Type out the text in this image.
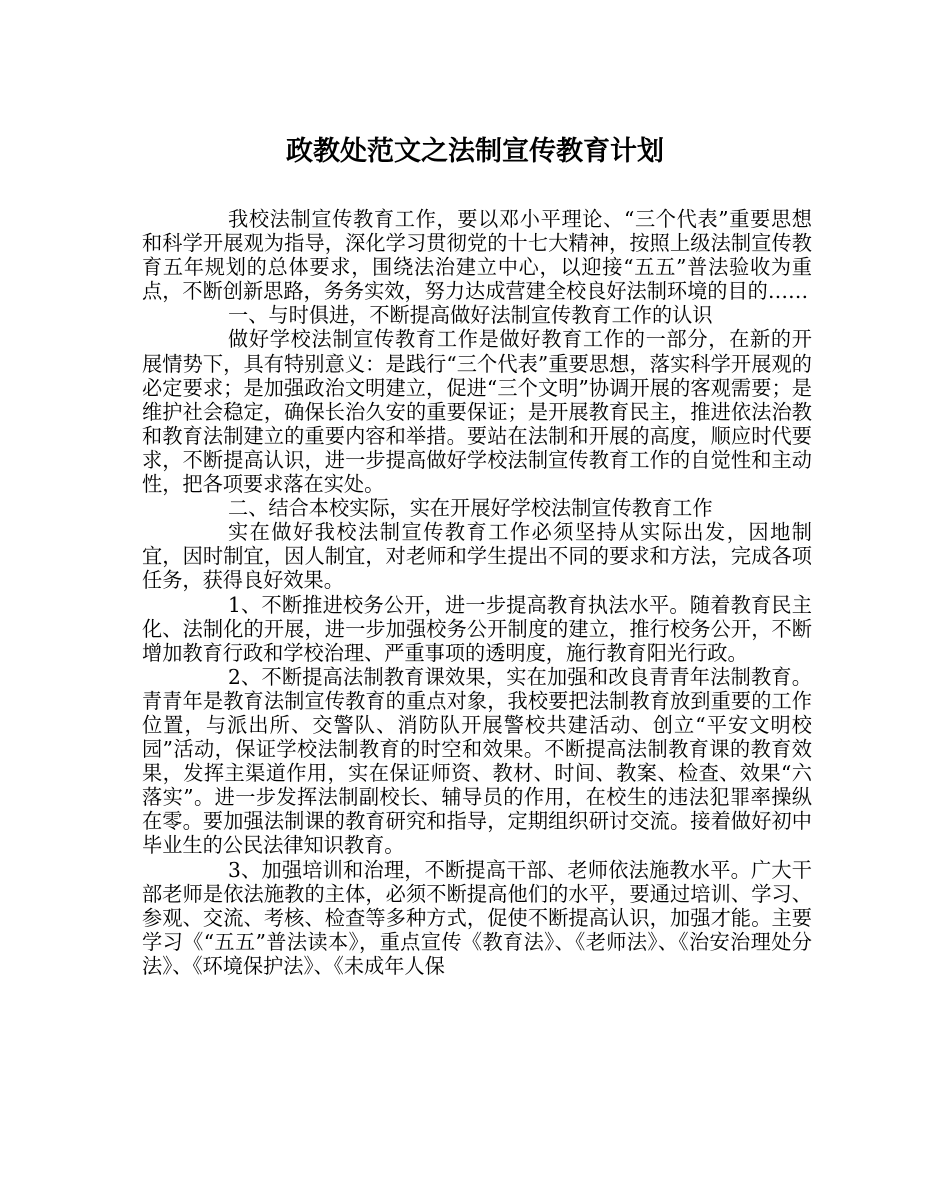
政教处范文之法制宣传教育计划

我校法制宣传教育工作，要以邓小平理论、“三个代表”重要思想和科学开展观为指导，深化学习贯彻党的十七大精神，按照上级法制宣传教育五年规划的总体要求，围绕法治建立中心，以迎接“五五”普法验收为重点，不断创新思路，务务实效，努力达成营建全校良好法制环境的目的……

一、与时俱进，不断提高做好法制宣传教育工作的认识

做好学校法制宣传教育工作是做好教育工作的一部分，在新的开展情势下，具有特别意义：是践行“三个代表”重要思想，落实科学开展观的必定要求；是加强政治文明建立，促进“三个文明”协调开展的客观需要；是维护社会稳定，确保长治久安的重要保证；是开展教育民主，推进依法治教和教育法制建立的重要内容和举措。要站在法制和开展的高度，顺应时代要求，不断提高认识，进一步提高做好学校法制宣传教育工作的自觉性和主动性，把各项要求落在实处。

二、结合本校实际，实在开展好学校法制宣传教育工作

实在做好我校法制宣传教育工作必须坚持从实际出发，因地制宜，因时制宜，因人制宜，对老师和学生提出不同的要求和方法，完成各项任务，获得良好效果。

1、不断推进校务公开，进一步提高教育执法水平。随着教育民主化、法制化的开展，进一步加强校务公开制度的建立，推行校务公开，不断增加教育行政和学校治理、严重事项的透明度，施行教育阳光行政。

2、不断提高法制教育课效果，实在加强和改良青青年法制教育。青青年是教育法制宣传教育的重点对象，我校要把法制教育放到重要的工作位置，与派出所、交警队、消防队开展警校共建活动、创立“平安文明校园”活动，保证学校法制教育的时空和效果。不断提高法制教育课的教育效果，发挥主渠道作用，实在保证师资、教材、时间、教案、检查、效果“六落实”。进一步发挥法制副校长、辅导员的作用，在校生的违法犯罪率操纵在零。要加强法制课的教育研究和指导，定期组织研讨交流。接着做好初中毕业生的公民法律知识教育。

3、加强培训和治理，不断提高干部、老师依法施教水平。广大干部老师是依法施教的主体，必须不断提高他们的水平，要通过培训、学习、参观、交流、考核、检查等多种方式，促使不断提高认识，加强才能。主要学习《“五五”普法读本》，重点宣传《教育法》、《老师法》、《治安治理处分法》、《环境保护法》、《未成年人保
